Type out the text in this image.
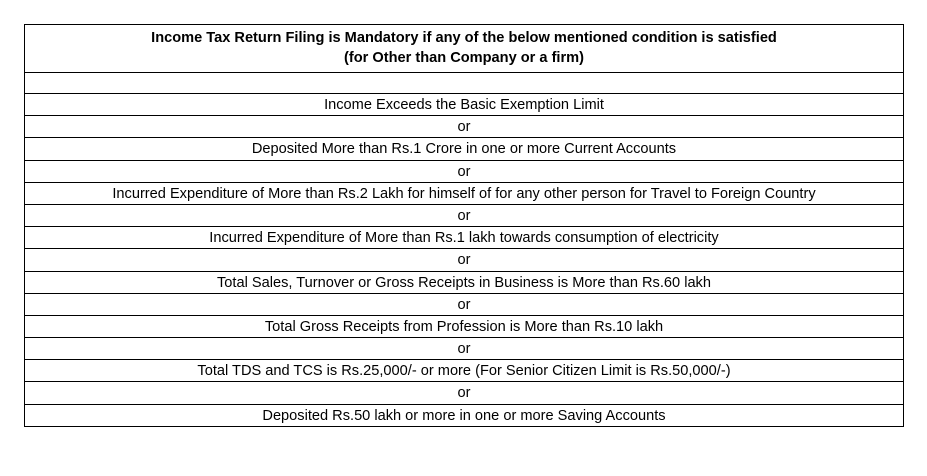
Income Tax Return Filing is Mandatory if any of the below mentioned condition is satisfied
(for Other than Company or a firm)
Income Exceeds the Basic Exemption Limit
or
Deposited More than Rs.1 Crore in one or more Current Accounts
or
Incurred Expenditure of More than Rs.2 Lakh for himself of for any other person for Travel to Foreign Country
or
Incurred Expenditure of More than Rs.1 lakh towards consumption of electricity
or
Total Sales, Turnover or Gross Receipts in Business is More than Rs.60 lakh
or
Total Gross Receipts from Profession is More than Rs.10 lakh
or
Total TDS and TCS is Rs.25,000/- or more (For Senior Citizen Limit is Rs.50,000/-)
or
Deposited Rs.50 lakh or more in one or more Saving Accounts
